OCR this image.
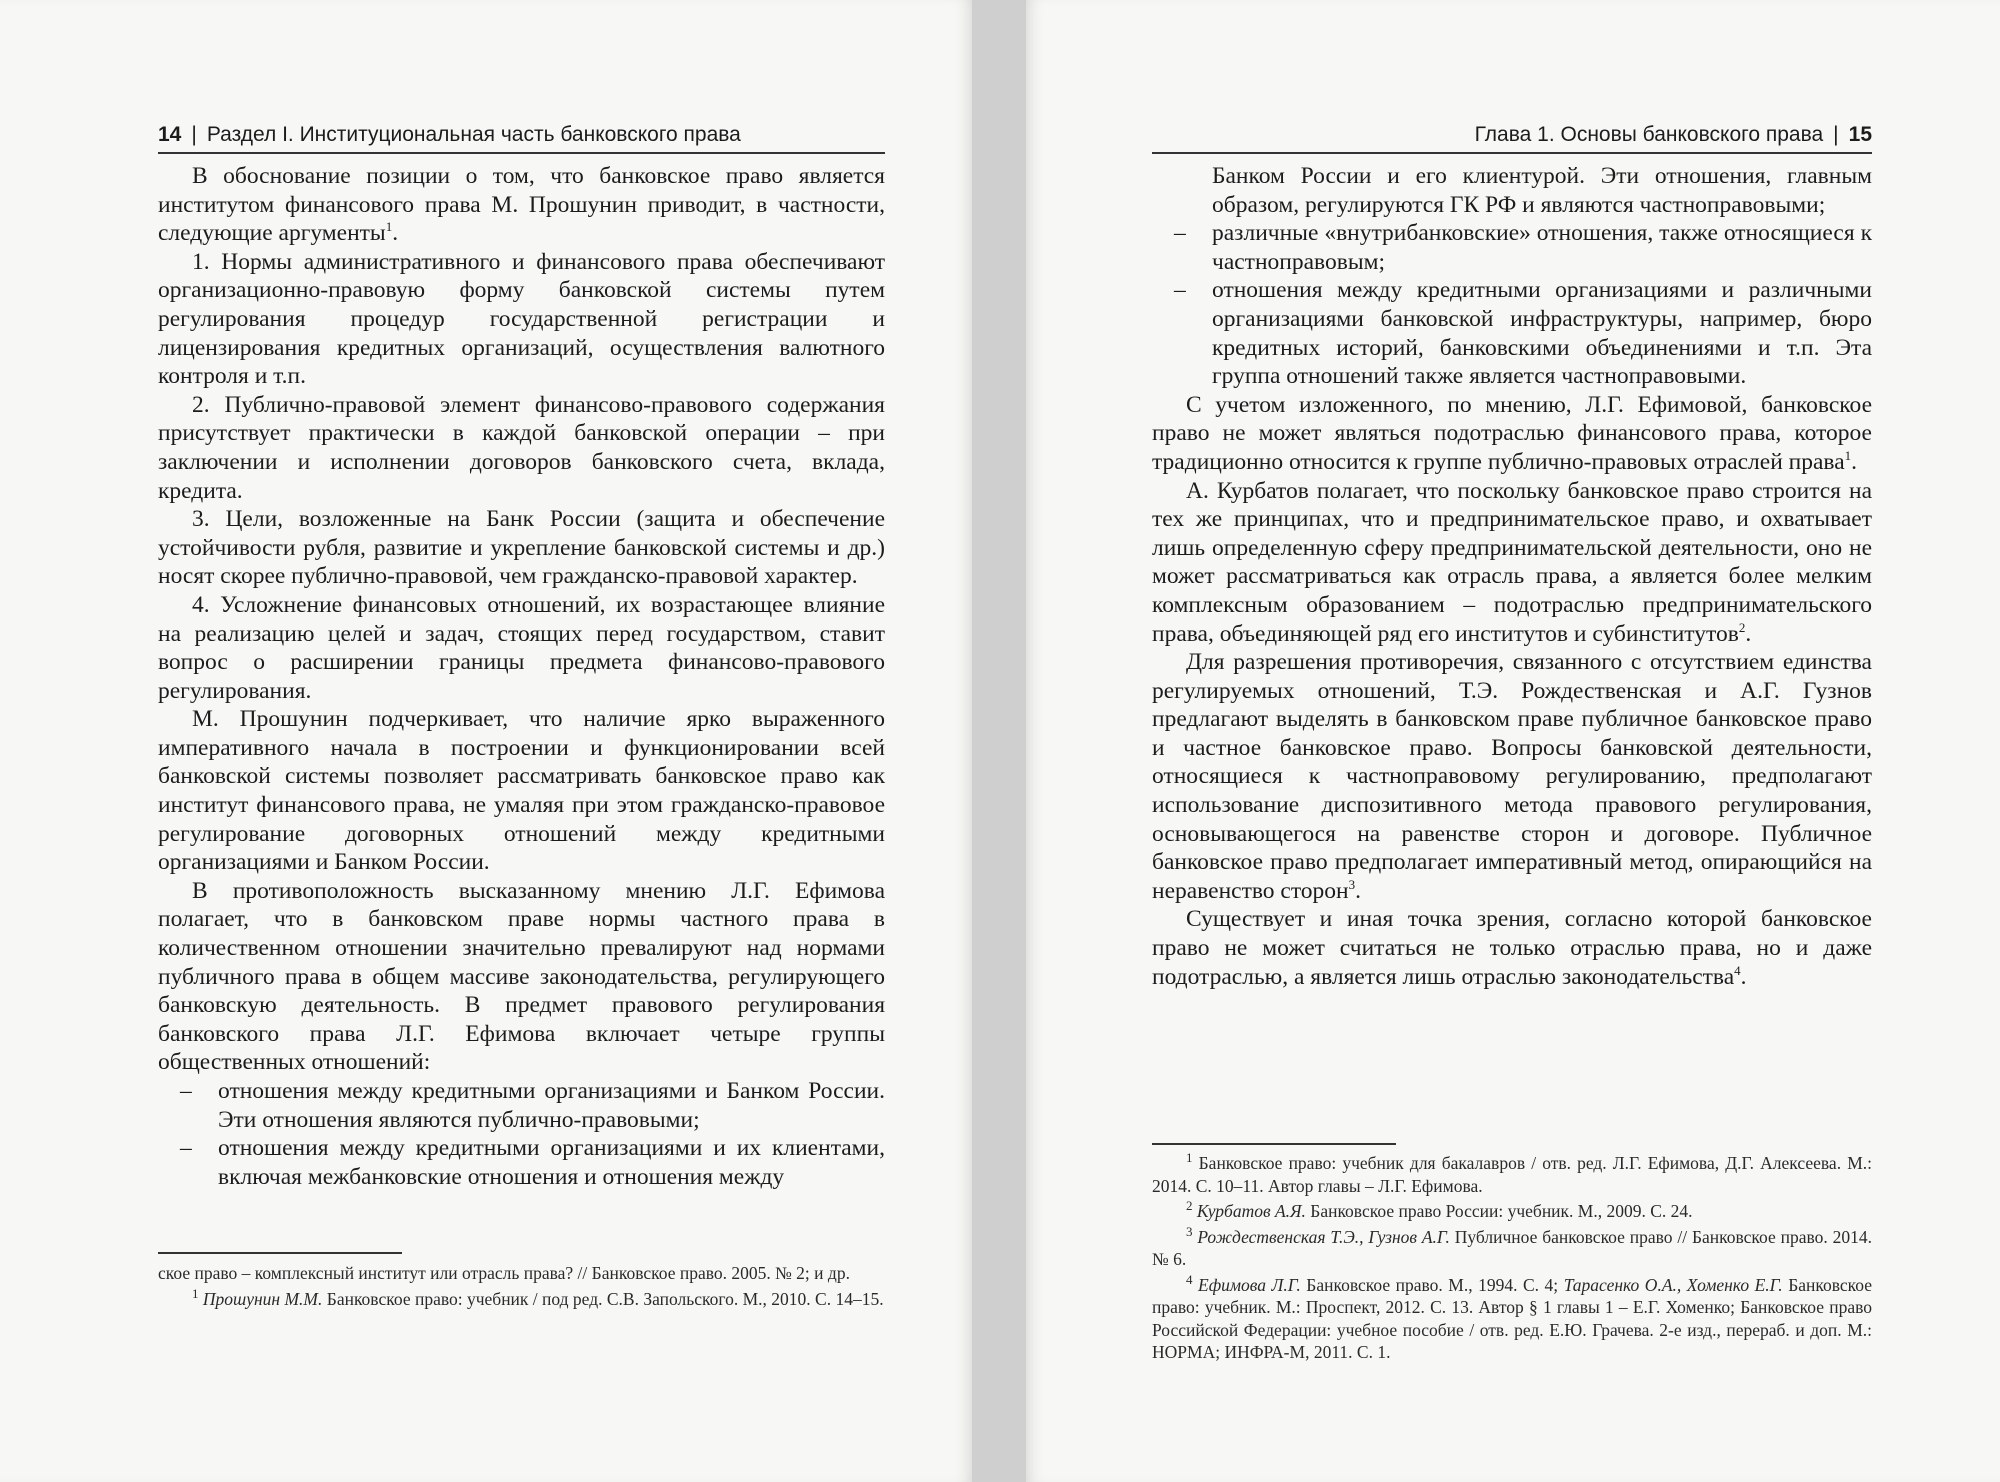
14 | Раздел I. Институциональная часть банковского права

В обоснование позиции о том, что банковское право является институтом финансового права М. Прошунин приводит, в частности, следующие аргументы$^1$.

1. Нормы административного и финансового права обеспечивают организационно-правовую форму банковской системы путем регулирования процедур государственной регистрации и лицензирования кредитных организаций, осуществления валютного контроля и т.п.

2. Публично-правовой элемент финансово-правового содержания присутствует практически в каждой банковской операции – при заключении и исполнении договоров банковского счета, вклада, кредита.

3. Цели, возложенные на Банк России (защита и обеспечение устойчивости рубля, развитие и укрепление банковской системы и др.) носят скорее публично-правовой, чем гражданско-правовой характер.

4. Усложнение финансовых отношений, их возрастающее влияние на реализацию целей и задач, стоящих перед государством, ставит вопрос о расширении границы предмета финансово-правового регулирования.

М. Прошунин подчеркивает, что наличие ярко выраженного императивного начала в построении и функционировании всей банковской системы позволяет рассматривать банковское право как институт финансового права, не умаляя при этом гражданско-правовое регулирование договорных отношений между кредитными организациями и Банком России.

В противоположность высказанному мнению Л.Г. Ефимова полагает, что в банковском праве нормы частного права в количественном отношении значительно превалируют над нормами публичного права в общем массиве законодательства, регулирующего банковскую деятельность. В предмет правового регулирования банковского права Л.Г. Ефимова включает четыре группы общественных отношений:

– отношения между кредитными организациями и Банком России. Эти отношения являются публично-правовыми;
– отношения между кредитными организациями и их клиентами, включая межбанковские отношения и отношения между

ское право – комплексный институт или отрасль права? // Банковское право. 2005. № 2; и др.

$^1$ Прошунин М.М. Банковское право: учебник / под ред. С.В. Запольского. М., 2010. С. 14–15.

Глава 1. Основы банковского права | 15

Банком России и его клиентурой. Эти отношения, главным образом, регулируются ГК РФ и являются частноправовыми;

– различные «внутрибанковские» отношения, также относящиеся к частноправовым;
– отношения между кредитными организациями и различными организациями банковской инфраструктуры, например, бюро кредитных историй, банковскими объединениями и т.п. Эта группа отношений также является частноправовыми.

С учетом изложенного, по мнению, Л.Г. Ефимовой, банковское право не может являться подотраслью финансового права, которое традиционно относится к группе публично-правовых отраслей права$^1$.

А. Курбатов полагает, что поскольку банковское право строится на тех же принципах, что и предпринимательское право, и охватывает лишь определенную сферу предпринимательской деятельности, оно не может рассматриваться как отрасль права, а является более мелким комплексным образованием – подотраслью предпринимательского права, объединяющей ряд его институтов и субинститутов$^2$.

Для разрешения противоречия, связанного с отсутствием единства регулируемых отношений, Т.Э. Рождественская и А.Г. Гузнов предлагают выделять в банковском праве публичное банковское право и частное банковское право. Вопросы банковской деятельности, относящиеся к частноправовому регулированию, предполагают использование диспозитивного метода правового регулирования, основывающегося на равенстве сторон и договоре. Публичное банковское право предполагает императивный метод, опирающийся на неравенство сторон$^3$.

Существует и иная точка зрения, согласно которой банковское право не может считаться не только отраслью права, но и даже подотраслью, а является лишь отраслью законодательства$^4$.

$^1$ Банковское право: учебник для бакалавров / отв. ред. Л.Г. Ефимова, Д.Г. Алексеева. М.: 2014. С. 10–11. Автор главы – Л.Г. Ефимова.

$^2$ Курбатов А.Я. Банковское право России: учебник. М., 2009. С. 24.

$^3$ Рождественская Т.Э., Гузнов А.Г. Публичное банковское право // Банковское право. 2014. № 6.

$^4$ Ефимова Л.Г. Банковское право. М., 1994. С. 4; Тарасенко О.А., Хоменко Е.Г. Банковское право: учебник. М.: Проспект, 2012. С. 13. Автор § 1 главы 1 – Е.Г. Хоменко; Банковское право Российской Федерации: учебное пособие / отв. ред. Е.Ю. Грачева. 2-е изд., перераб. и доп. М.: НОРМА; ИНФРА-М, 2011. С. 1.
